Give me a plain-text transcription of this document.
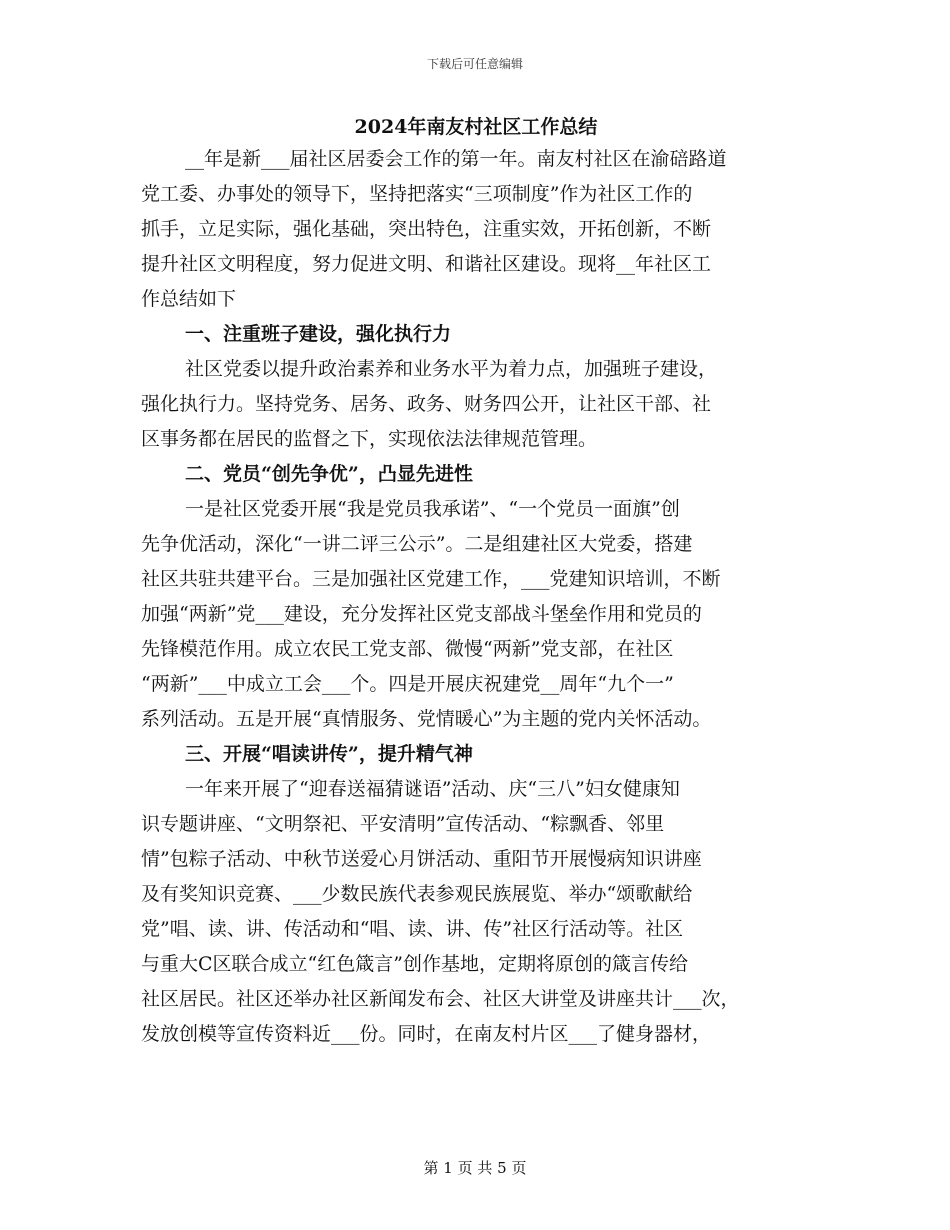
下载后可任意编辑
2024年南友村社区工作总结

__年是新___届社区居委会工作的第一年。南友村社区在渝碚路道
党工委、办事处的领导下，坚持把落实“三项制度”作为社区工作的
抓手，立足实际，强化基础，突出特色，注重实效，开拓创新，不断
提升社区文明程度，努力促进文明、和谐社区建设。现将__年社区工
作总结如下

一、注重班子建设，强化执行力

社区党委以提升政治素养和业务水平为着力点，加强班子建设，
强化执行力。坚持党务、居务、政务、财务四公开，让社区干部、社
区事务都在居民的监督之下，实现依法法律规范管理。

二、党员“创先争优”，凸显先进性

一是社区党委开展“我是党员我承诺”、“一个党员一面旗”创
先争优活动，深化“一讲二评三公示”。二是组建社区大党委，搭建
社区共驻共建平台。三是加强社区党建工作，___党建知识培训，不断
加强“两新”党___建设，充分发挥社区党支部战斗堡垒作用和党员的
先锋模范作用。成立农民工党支部、微慢“两新”党支部，在社区
“两新”___中成立工会___个。四是开展庆祝建党__周年“九个一”
系列活动。五是开展“真情服务、党情暖心”为主题的党内关怀活动。

三、开展“唱读讲传”，提升精气神

一年来开展了“迎春送福猜谜语”活动、庆“三八”妇女健康知
识专题讲座、“文明祭祀、平安清明”宣传活动、“粽飘香、邻里
情”包粽子活动、中秋节送爱心月饼活动、重阳节开展慢病知识讲座
及有奖知识竞赛、___少数民族代表参观民族展览、举办“颂歌献给
党”唱、读、讲、传活动和“唱、读、讲、传”社区行活动等。社区
与重大C区联合成立“红色箴言”创作基地，定期将原创的箴言传给
社区居民。社区还举办社区新闻发布会、社区大讲堂及讲座共计___次，
发放创模等宣传资料近___份。同时，在南友村片区___了健身器材，

第 1 页 共 5 页
